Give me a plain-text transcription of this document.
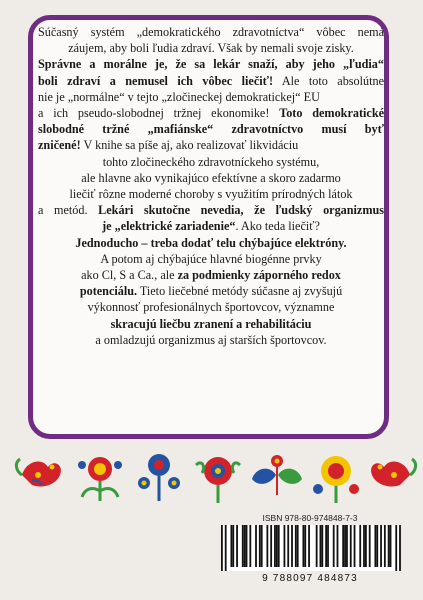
Súčasný systém „demokratického zdravotníctva“ vôbec nemá
záujem, aby boli ľudia zdraví. Však by nemali svoje zisky.
Správne a morálne je, že sa lekár snaží, aby jeho „ľudia“
boli zdraví a nemusel ich vôbec liečiť! Ale toto absolútne
nie je „normálne“ v tejto „zločineckej demokratickej“ EU
a ich pseudo-slobodnej tržnej ekonomike! Toto demokratické
slobodné tržné „mafiánske“ zdravotníctvo musí byť
zničené! V knihe sa píše aj, ako realizovať likvidáciu
tohto zločineckého zdravotníckeho systému,
ale hlavne ako vynikajúco efektívne a skoro zadarmo
liečiť rôzne moderné choroby s využitím prírodných látok
a metód. Lekári skutočne nevedia, že ľudský organizmus
je „elektrické zariadenie“. Ako teda liečiť?
Jednoducho – treba dodať telu chýbajúce elektróny.
A potom aj chýbajúce hlavné biogénne prvky
ako Cl, S a Ca., ale za podmienky záporného redox
potenciálu. Tieto liečebné metódy súčasne aj zvyšujú
výkonnosť profesionálnych športovcov, významne
skracujú liečbu zranení a rehabilitáciu
a omladzujú organizmus aj starších športovcov.
ISBN 978-80-974848-7-3
9 788097 484873
